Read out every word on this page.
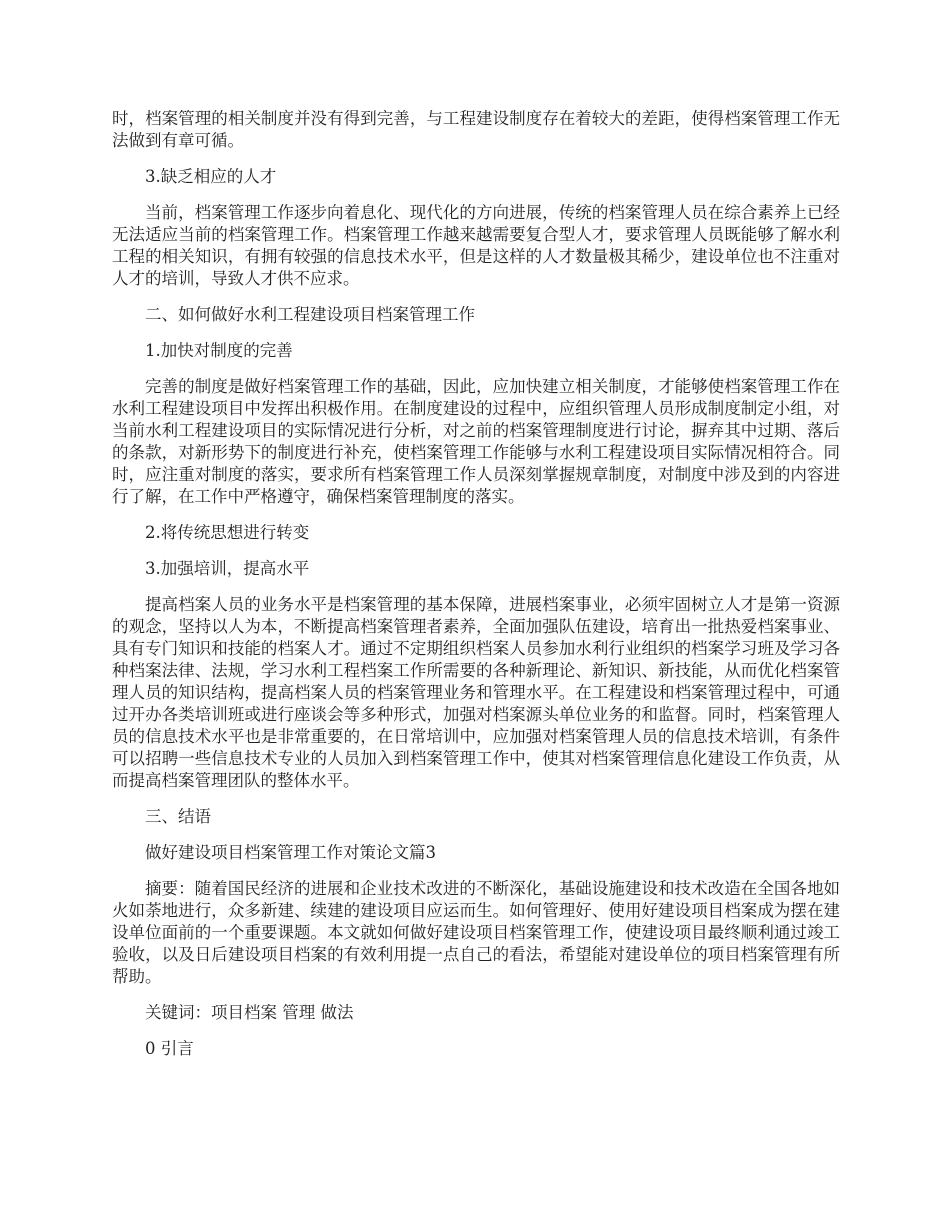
时，档案管理的相关制度并没有得到完善，与工程建设制度存在着较大的差距，使得档案管理工作无法做到有章可循。

3.缺乏相应的人才

当前，档案管理工作逐步向着息化、现代化的方向进展，传统的档案管理人员在综合素养上已经无法适应当前的档案管理工作。档案管理工作越来越需要复合型人才，要求管理人员既能够了解水利工程的相关知识，有拥有较强的信息技术水平，但是这样的人才数量极其稀少，建设单位也不注重对人才的培训，导致人才供不应求。

二、如何做好水利工程建设项目档案管理工作

1.加快对制度的完善

完善的制度是做好档案管理工作的基础，因此，应加快建立相关制度，才能够使档案管理工作在水利工程建设项目中发挥出积极作用。在制度建设的过程中，应组织管理人员形成制度制定小组，对当前水利工程建设项目的实际情况进行分析，对之前的档案管理制度进行讨论，摒弃其中过期、落后的条款，对新形势下的制度进行补充，使档案管理工作能够与水利工程建设项目实际情况相符合。同时，应注重对制度的落实，要求所有档案管理工作人员深刻掌握规章制度，对制度中涉及到的内容进行了解，在工作中严格遵守，确保档案管理制度的落实。

2.将传统思想进行转变

3.加强培训，提高水平

提高档案人员的业务水平是档案管理的基本保障，进展档案事业，必须牢固树立人才是第一资源的观念，坚持以人为本，不断提高档案管理者素养，全面加强队伍建设，培育出一批热爱档案事业、具有专门知识和技能的档案人才。通过不定期组织档案人员参加水利行业组织的档案学习班及学习各种档案法律、法规，学习水利工程档案工作所需要的各种新理论、新知识、新技能，从而优化档案管理人员的知识结构，提高档案人员的档案管理业务和管理水平。在工程建设和档案管理过程中，可通过开办各类培训班或进行座谈会等多种形式，加强对档案源头单位业务的和监督。同时，档案管理人员的信息技术水平也是非常重要的，在日常培训中，应加强对档案管理人员的信息技术培训，有条件可以招聘一些信息技术专业的人员加入到档案管理工作中，使其对档案管理信息化建设工作负责，从而提高档案管理团队的整体水平。

三、结语

做好建设项目档案管理工作对策论文篇3

摘要：随着国民经济的进展和企业技术改进的不断深化，基础设施建设和技术改造在全国各地如火如荼地进行，众多新建、续建的建设项目应运而生。如何管理好、使用好建设项目档案成为摆在建设单位面前的一个重要课题。本文就如何做好建设项目档案管理工作，使建设项目最终顺利通过竣工验收，以及日后建设项目档案的有效利用提一点自己的看法，希望能对建设单位的项目档案管理有所帮助。

关键词：项目档案 管理 做法

0 引言
